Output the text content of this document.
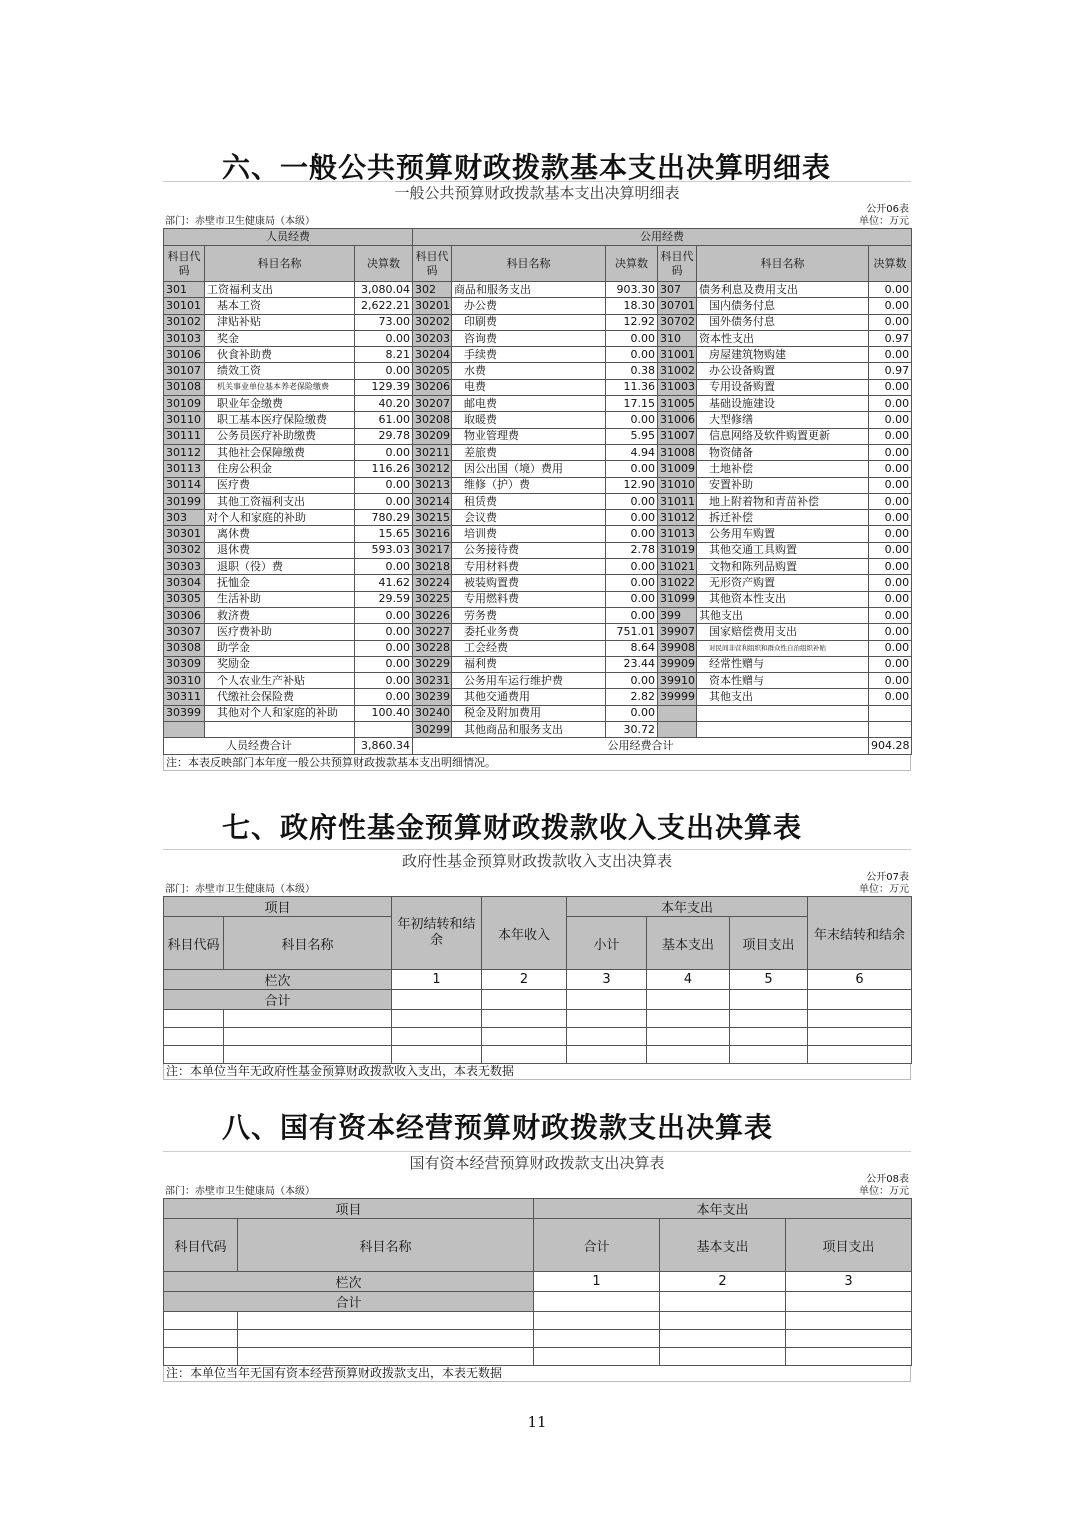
六、一般公共预算财政拨款基本支出决算明细表
一般公共预算财政拨款基本支出决算明细表
公开06表
部门：赤壁市卫生健康局（本级）	单位：万元
人员经费			公用经费					
科目代码	科目名称	决算数	科目代码	科目名称	决算数	科目代码	科目名称	决算数
301	工资福利支出	3,080.04	302	商品和服务支出	903.30	307	债务利息及费用支出	0.00
30101	基本工资	2,622.21	30201	办公费	18.30	30701	国内债务付息	0.00
30102	津贴补贴	73.00	30202	印刷费	12.92	30702	国外债务付息	0.00
30103	奖金	0.00	30203	咨询费	0.00	310	资本性支出	0.97
30106	伙食补助费	8.21	30204	手续费	0.00	31001	房屋建筑物购建	0.00
30107	绩效工资	0.00	30205	水费	0.38	31002	办公设备购置	0.97
30108	机关事业单位基本养老保险缴费	129.39	30206	电费	11.36	31003	专用设备购置	0.00
30109	职业年金缴费	40.20	30207	邮电费	17.15	31005	基础设施建设	0.00
30110	职工基本医疗保险缴费	61.00	30208	取暖费	0.00	31006	大型修缮	0.00
30111	公务员医疗补助缴费	29.78	30209	物业管理费	5.95	31007	信息网络及软件购置更新	0.00
30112	其他社会保障缴费	0.00	30211	差旅费	4.94	31008	物资储备	0.00
30113	住房公积金	116.26	30212	因公出国（境）费用	0.00	31009	土地补偿	0.00
30114	医疗费	0.00	30213	维修（护）费	12.90	31010	安置补助	0.00
30199	其他工资福利支出	0.00	30214	租赁费	0.00	31011	地上附着物和青苗补偿	0.00
303	对个人和家庭的补助	780.29	30215	会议费	0.00	31012	拆迁补偿	0.00
30301	离休费	15.65	30216	培训费	0.00	31013	公务用车购置	0.00
30302	退休费	593.03	30217	公务接待费	2.78	31019	其他交通工具购置	0.00
30303	退职（役）费	0.00	30218	专用材料费	0.00	31021	文物和陈列品购置	0.00
30304	抚恤金	41.62	30224	被装购置费	0.00	31022	无形资产购置	0.00
30305	生活补助	29.59	30225	专用燃料费	0.00	31099	其他资本性支出	0.00
30306	救济费	0.00	30226	劳务费	0.00	399	其他支出	0.00
30307	医疗费补助	0.00	30227	委托业务费	751.01	39907	国家赔偿费用支出	0.00
30308	助学金	0.00	30228	工会经费	8.64	39908	对民间非营利组织和群众性自治组织补贴	0.00
30309	奖励金	0.00	30229	福利费	23.44	39909	经常性赠与	0.00
30310	个人农业生产补贴	0.00	30231	公务用车运行维护费	0.00	39910	资本性赠与	0.00
30311	代缴社会保险费	0.00	30239	其他交通费用	2.82	39999	其他支出	0.00
30399	其他对个人和家庭的补助	100.40	30240	税金及附加费用	0.00			
			30299	其他商品和服务支出	30.72			
人员经费合计		3,860.34	公用经费合计					904.28
注：本表反映部门本年度一般公共预算财政拨款基本支出明细情况。
七、政府性基金预算财政拨款收入支出决算表
政府性基金预算财政拨款收入支出决算表
公开07表
部门：赤壁市卫生健康局（本级）	单位：万元
项目		年初结转和结余	本年收入	本年支出			年末结转和结余
科目代码	科目名称			小计	基本支出	项目支出	
栏次		1	2	3	4	5	6
合计							

注：本单位当年无政府性基金预算财政拨款收入支出，本表无数据
八、国有资本经营预算财政拨款支出决算表
国有资本经营预算财政拨款支出决算表
公开08表
部门：赤壁市卫生健康局（本级）	单位：万元
项目		本年支出		
科目代码	科目名称	合计	基本支出	项目支出
栏次		1	2	3
合计				

注：本单位当年无国有资本经营预算财政拨款支出，本表无数据
11
